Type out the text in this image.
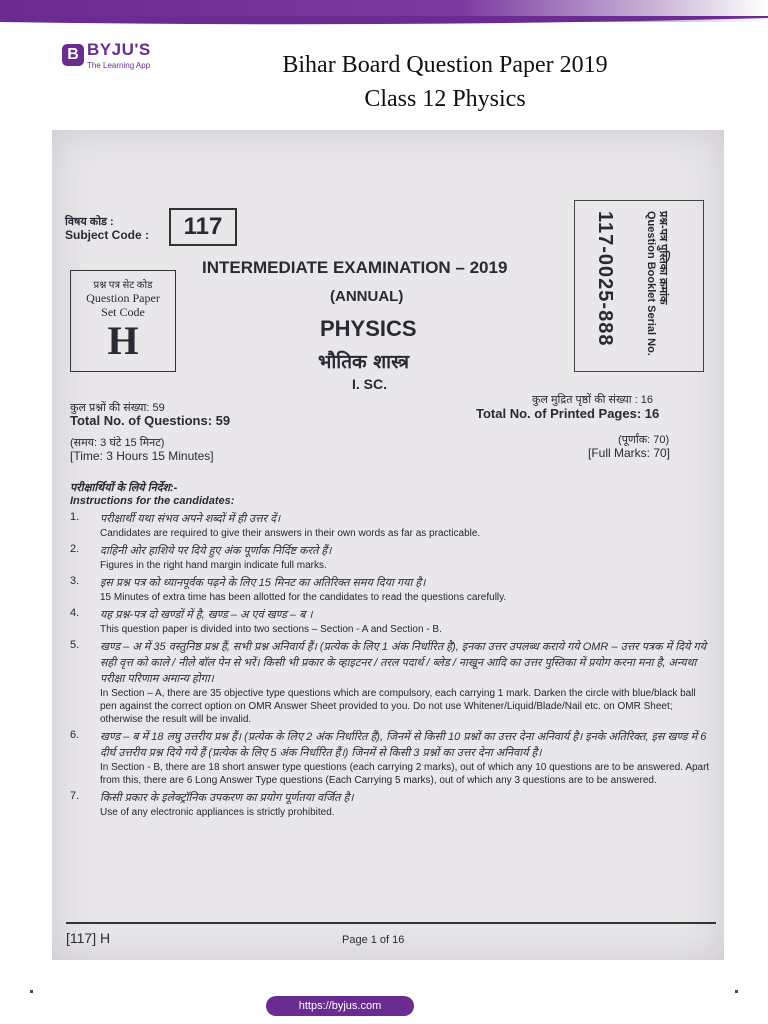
B BYJU'S
The Learning App	Bihar Board Question Paper 2019
Class 12 Physics
विषय कोड :
Subject Code :	117
प्रश्न पत्र सेट कोड
Question Paper
Set Code
H
INTERMEDIATE EXAMINATION – 2019
(ANNUAL)
PHYSICS
भौतिक शास्त्र
I. SC.
प्रश्न-पत्र पुस्तिका क्रमांक
Question Booklet Serial No.
117-0025-888
कुल प्रश्नों की संख्या: 59
Total No. of Questions: 59
(समय: 3 घंटे 15 मिनट)
[Time: 3 Hours 15 Minutes]
कुल मुद्रित पृष्ठों की संख्या : 16
Total No. of Printed Pages: 16
(पूर्णांक: 70)
[Full Marks: 70]
परीक्षार्थियों के लिये निर्देश:-
Instructions for the candidates:
1.	परीक्षार्थी यथा संभव अपने शब्दों में ही उत्तर दें।
Candidates are required to give their answers in their own words as far as practicable.
2.	दाहिनी ओर हाशिये पर दिये हुए अंक पूर्णांक निर्दिष्ट करते हैं।
Figures in the right hand margin indicate full marks.
3.	इस प्रश्न पत्र को ध्यानपूर्वक पढ़ने के लिए 15 मिनट का अतिरिक्त समय दिया गया है।
15 Minutes of extra time has been allotted for the candidates to read the questions carefully.
4.	यह प्रश्न-पत्र दो खण्डों में है, खण्ड – अ एवं खण्ड – ब ।
This question paper is divided into two sections – Section - A and Section - B.
5.	खण्ड – अ में 35 वस्तुनिष्ठ प्रश्न हैं, सभी प्रश्न अनिवार्य हैं। (प्रत्येक के लिए 1 अंक निर्धारित है), इनका उत्तर उपलब्ध कराये गये OMR – उत्तर पत्रक में दिये गये सही वृत्त को काले / नीले बॉल पेन से भरें। किसी भी प्रकार के व्हाइटनर / तरल पदार्थ / ब्लेड / नाखून आदि का उत्तर पुस्तिका में प्रयोग करना मना है, अन्यथा परीक्षा परिणाम अमान्य होगा।
In Section – A, there are 35 objective type questions which are compulsory, each carrying 1 mark. Darken the circle with blue/black ball pen against the correct option on OMR Answer Sheet provided to you. Do not use Whitener/Liquid/Blade/Nail etc. on OMR Sheet; otherwise the result will be invalid.
6.	खण्ड – ब में 18 लघु उत्तरीय प्रश्न हैं। (प्रत्येक के लिए 2 अंक निर्धारित हैं), जिनमें से किसी 10 प्रश्नों का उत्तर देना अनिवार्य है। इनके अतिरिक्त, इस खण्ड में 6 दीर्घ उत्तरीय प्रश्न दिये गये हैं (प्रत्येक के लिए 5 अंक निर्धारित हैं।) जिनमें से किसी 3 प्रश्नों का उत्तर देना अनिवार्य है।
In Section - B, there are 18 short answer type questions (each carrying 2 marks), out of which any 10 questions are to be answered. Apart from this, there are 6 Long Answer Type questions (Each Carrying 5 marks), out of which any 3 questions are to be answered.
7.	किसी प्रकार के इलेक्ट्रॉनिक उपकरण का प्रयोग पूर्णतया वर्जित है।
Use of any electronic appliances is strictly prohibited.
[117] H	Page 1 of 16
https://byjus.com
